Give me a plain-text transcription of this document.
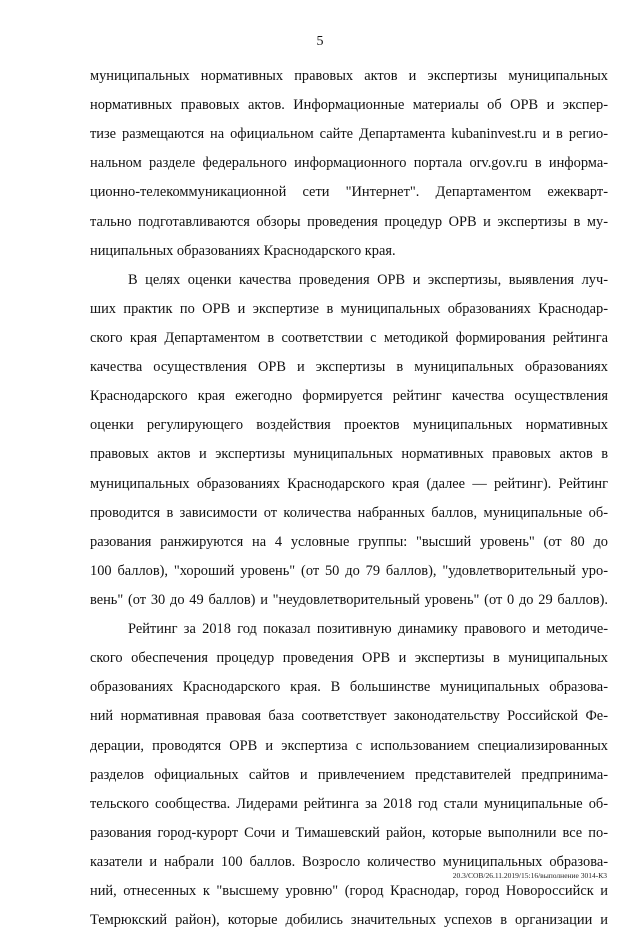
5
муниципальных нормативных правовых актов и экспертизы муниципальных
нормативных правовых актов. Информационные материалы об ОРВ и экспер-
тизе размещаются на официальном сайте Департамента kubaninvest.ru и в регио-
нальном разделе федерального информационного портала orv.gov.ru в информа-
ционно-телекоммуникационной сети "Интернет". Департаментом ежекварт-
тально подготавливаются обзоры проведения процедур ОРВ и экспертизы в му-
ниципальных образованиях Краснодарского края.
В целях оценки качества проведения ОРВ и экспертизы, выявления луч-
ших практик по ОРВ и экспертизе в муниципальных образованиях Краснодар-
ского края Департаментом в соответствии с методикой формирования рейтинга
качества осуществления ОРВ и экспертизы в муниципальных образованиях
Краснодарского края ежегодно формируется рейтинг качества осуществления
оценки регулирующего воздействия проектов муниципальных нормативных
правовых актов и экспертизы муниципальных нормативных правовых актов в
муниципальных образованиях Краснодарского края (далее — рейтинг). Рейтинг
проводится в зависимости от количества набранных баллов, муниципальные об-
разования ранжируются на 4 условные группы: "высший уровень" (от 80 до
100 баллов), "хороший уровень" (от 50 до 79 баллов), "удовлетворительный уро-
вень" (от 30 до 49 баллов) и "неудовлетворительный уровень" (от 0 до 29 баллов).
Рейтинг за 2018 год показал позитивную динамику правового и методиче-
ского обеспечения процедур проведения ОРВ и экспертизы в муниципальных
образованиях Краснодарского края. В большинстве муниципальных образова-
ний нормативная правовая база соответствует законодательству Российской Фе-
дерации, проводятся ОРВ и экспертиза с использованием специализированных
разделов официальных сайтов и привлечением представителей предпринима-
тельского сообщества. Лидерами рейтинга за 2018 год стали муниципальные об-
разования город-курорт Сочи и Тимашевский район, которые выполнили все по-
казатели и набрали 100 баллов. Возросло количество муниципальных образова-
ний, отнесенных к "высшему уровню" (город Краснодар, город Новороссийск и
Темрюкский район), которые добились значительных успехов в организации и
20.3/СОВ/26.11.2019/15:16/выполнение 3014-К3
